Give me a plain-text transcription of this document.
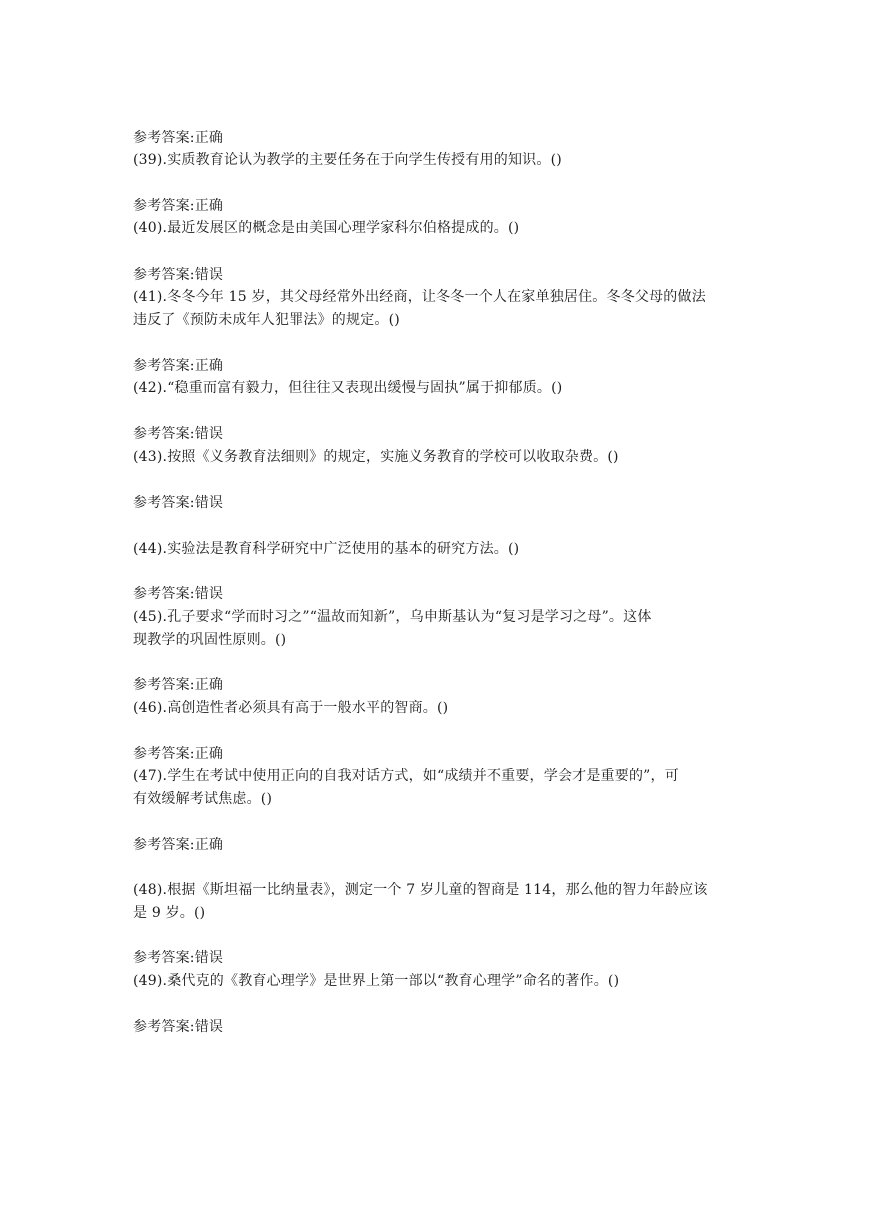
参考答案:正确
(39).实质教育论认为教学的主要任务在于向学生传授有用的知识。()
参考答案:正确
(40).最近发展区的概念是由美国心理学家科尔伯格提成的。()
参考答案:错误
(41).冬冬今年 15 岁，其父母经常外出经商，让冬冬一个人在家单独居住。冬冬父母的做法
违反了《预防未成年人犯罪法》的规定。()
参考答案:正确
(42).“稳重而富有毅力，但往往又表现出缓慢与固执”属于抑郁质。()
参考答案:错误
(43).按照《义务教育法细则》的规定，实施义务教育的学校可以收取杂费。()
参考答案:错误
(44).实验法是教育科学研究中广泛使用的基本的研究方法。()
参考答案:错误
(45).孔子要求“学而时习之”“温故而知新”，乌申斯基认为“复习是学习之母”。这体
现教学的巩固性原则。()
参考答案:正确
(46).高创造性者必须具有高于一般水平的智商。()
参考答案:正确
(47).学生在考试中使用正向的自我对话方式，如“成绩并不重要，学会才是重要的”，可
有效缓解考试焦虑。()
参考答案:正确
(48).根据《斯坦福一比纳量表》，测定一个 7 岁儿童的智商是 114，那么他的智力年龄应该
是 9 岁。()
参考答案:错误
(49).桑代克的《教育心理学》是世界上第一部以“教育心理学”命名的著作。()
参考答案:错误
